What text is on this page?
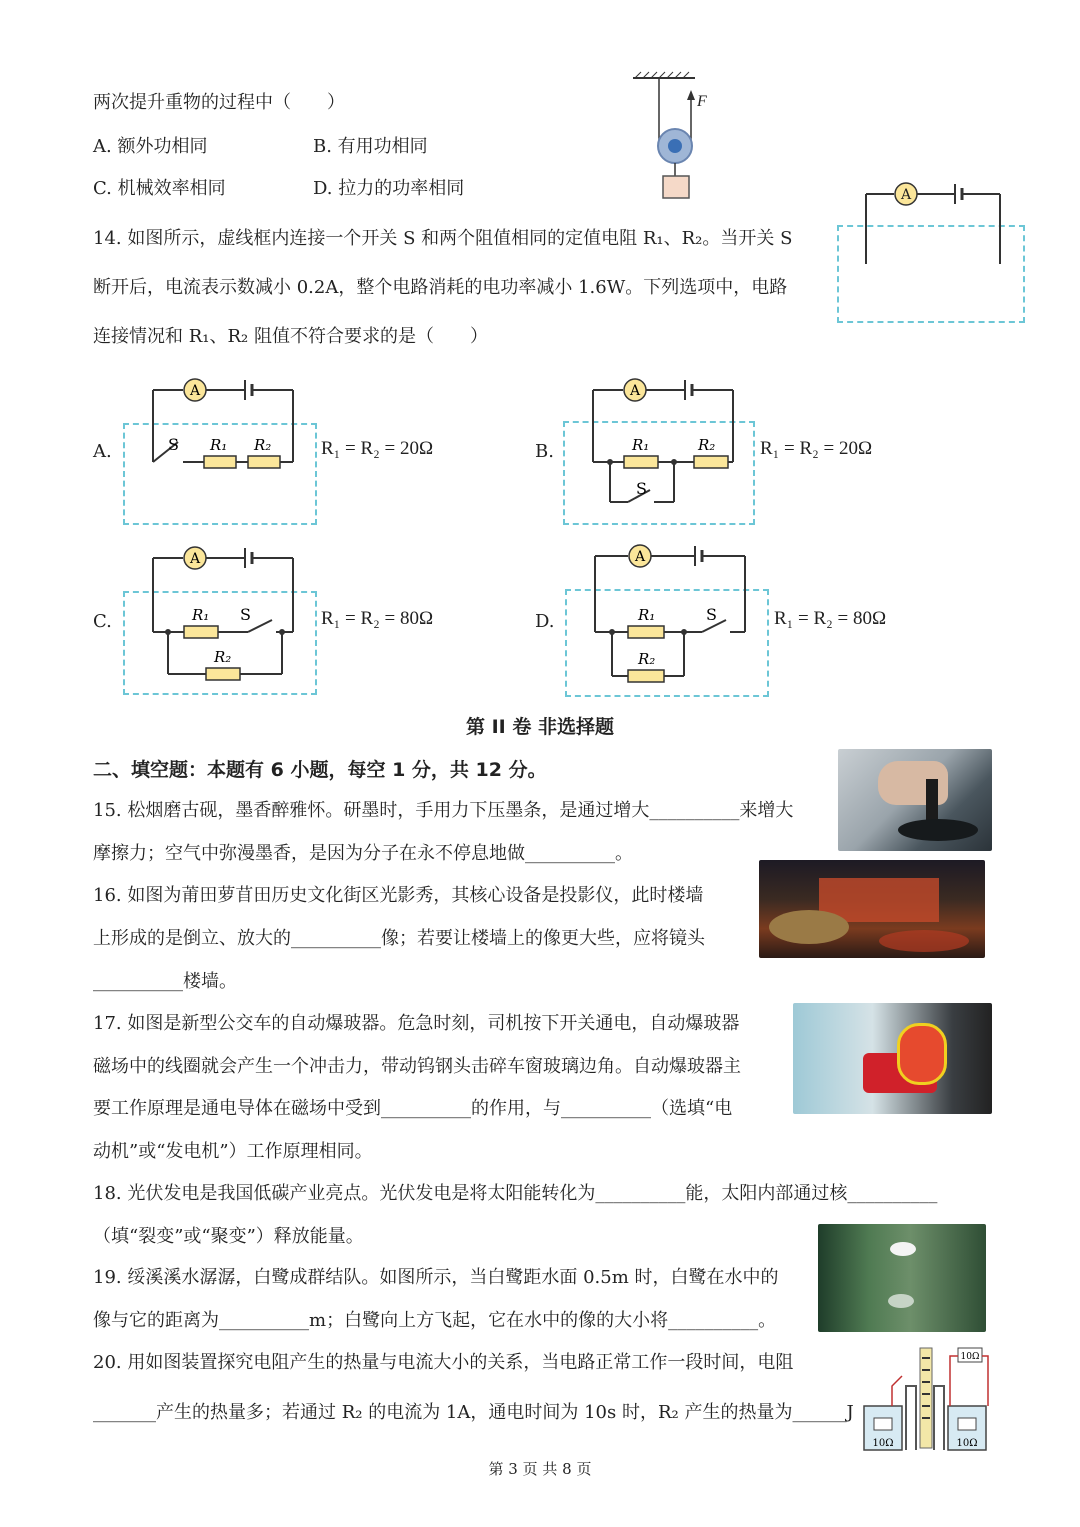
两次提升重物的过程中（　　）
A. 额外功相同	B. 有用功相同
C. 机械效率相同	D. 拉力的功率相同
F
A
14. 如图所示，虚线框内连接一个开关 S 和两个阻值相同的定值电阻 R₁、R₂。当开关 S
断开后，电流表示数减小 0.2A，整个电路消耗的电功率减小 1.6W。下列选项中，电路
连接情况和 R₁、R₂ 阻值不符合要求的是（　　）
A.
A
S R₁ R₂	R₁ = R₂ = 20Ω	B.
A
R₁	R₂
S
R₁ = R₂ = 20Ω
C.
A
R₁ S
R₂
R₁ = R₂ = 80Ω	D.
A
R₁	S
R₂
R₁ = R₂ = 80Ω
第 II 卷 非选择题
二、填空题：本题有 6 小题，每空 1 分，共 12 分。
15. 松烟磨古砚，墨香醉雅怀。研墨时，手用力下压墨条，是通过增大__________来增大
摩擦力；空气中弥漫墨香，是因为分子在永不停息地做__________。
16. 如图为莆田萝苜田历史文化街区光影秀，其核心设备是投影仪，此时楼墙
上形成的是倒立、放大的__________像；若要让楼墙上的像更大些，应将镜头
__________楼墙。
17. 如图是新型公交车的自动爆玻器。危急时刻，司机按下开关通电，自动爆玻器
磁场中的线圈就会产生一个冲击力，带动钨钢头击碎车窗玻璃边角。自动爆玻器主
要工作原理是通电导体在磁场中受到__________的作用，与__________（选填“电
动机”或“发电机”）工作原理相同。
18. 光伏发电是我国低碳产业亮点。光伏发电是将太阳能转化为__________能，太阳内部通过核__________
（填“裂变”或“聚变”）释放能量。
19. 绥溪溪水潺潺，白鹭成群结队。如图所示，当白鹭距水面 0.5m 时，白鹭在水中的
像与它的距离为__________m；白鹭向上方飞起，它在水中的像的大小将__________。
10Ω	10Ω
10Ω
20. 用如图装置探究电阻产生的热量与电流大小的关系，当电路正常工作一段时间，电阻
_______产生的热量多；若通过 R₂ 的电流为 1A，通电时间为 10s 时，R₂ 产生的热量为______J
第 3 页 共 8 页
